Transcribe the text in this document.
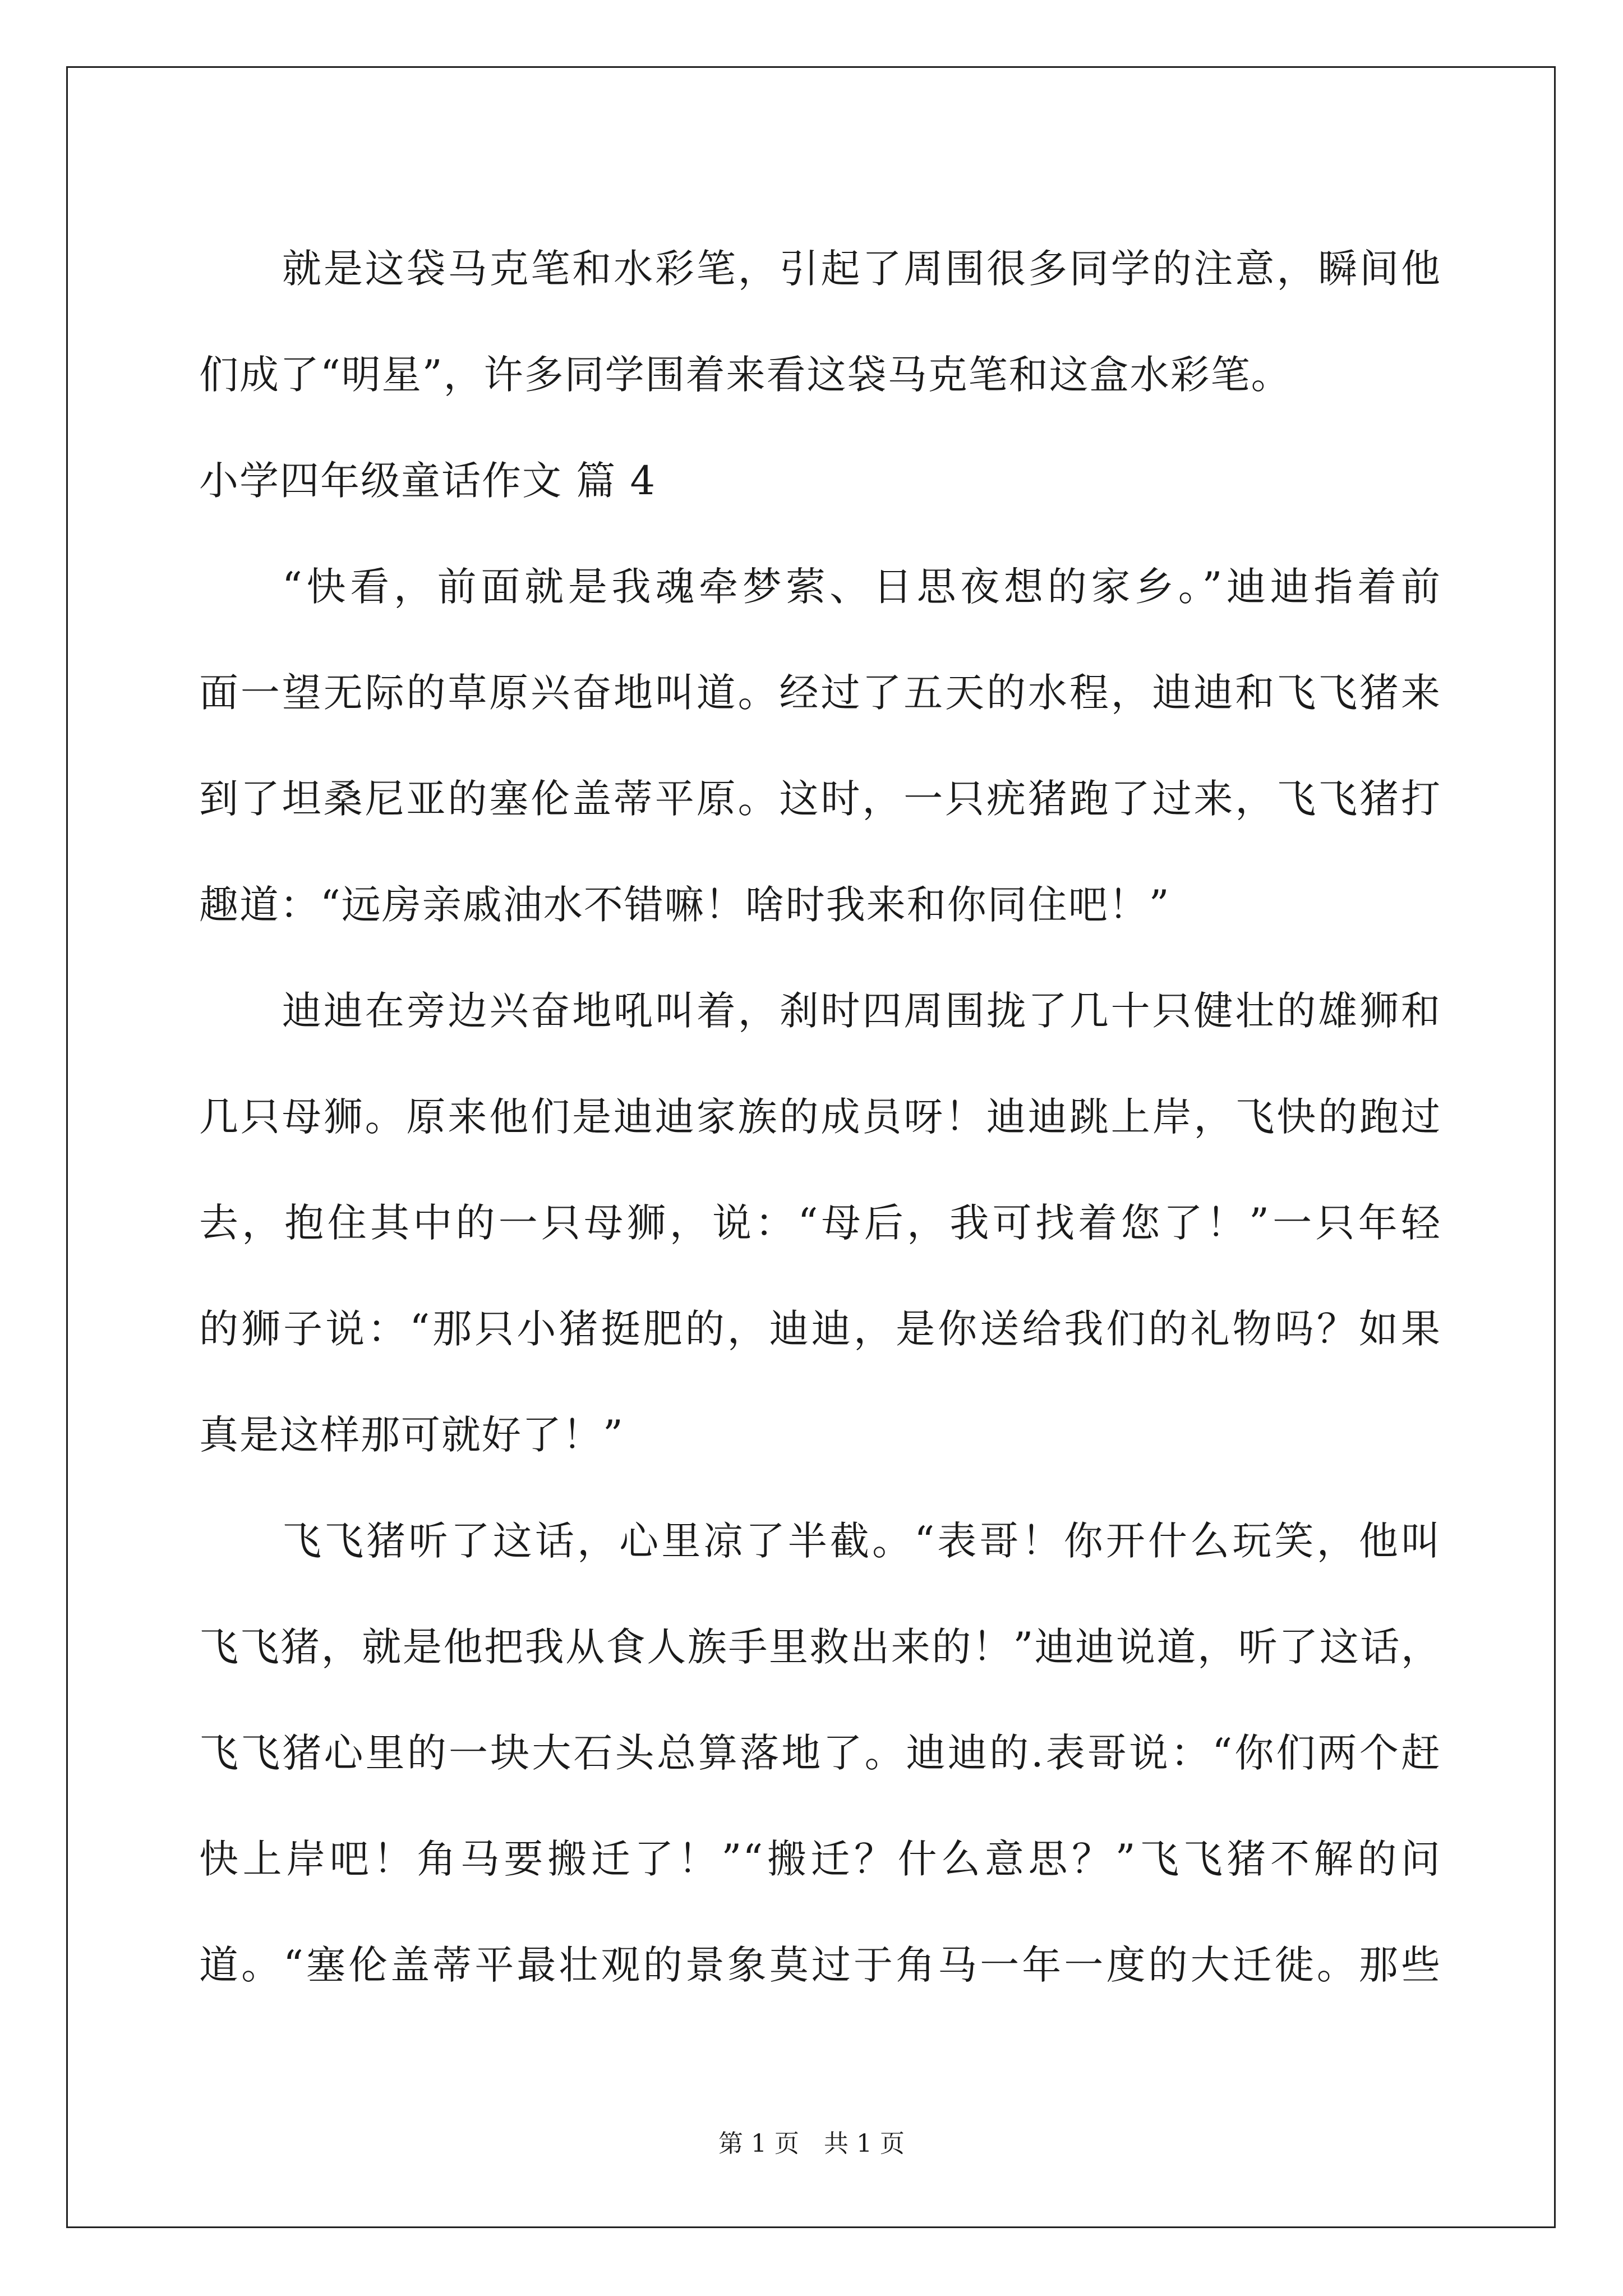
就是这袋马克笔和水彩笔，引起了周围很多同学的注意，瞬间他
们成了“明星”，许多同学围着来看这袋马克笔和这盒水彩笔。
小学四年级童话作文 篇 4
“快看，前面就是我魂牵梦萦、日思夜想的家乡。”迪迪指着前
面一望无际的草原兴奋地叫道。经过了五天的水程，迪迪和飞飞猪来
到了坦桑尼亚的塞伦盖蒂平原。这时，一只疣猪跑了过来，飞飞猪打
趣道：“远房亲戚油水不错嘛！啥时我来和你同住吧！”
迪迪在旁边兴奋地吼叫着，刹时四周围拢了几十只健壮的雄狮和
几只母狮。原来他们是迪迪家族的成员呀！迪迪跳上岸，飞快的跑过
去，抱住其中的一只母狮，说：“母后，我可找着您了！”一只年轻
的狮子说：“那只小猪挺肥的，迪迪，是你送给我们的礼物吗？如果
真是这样那可就好了！”
飞飞猪听了这话，心里凉了半截。“表哥！你开什么玩笑，他叫
飞飞猪，就是他把我从食人族手里救出来的！”迪迪说道，听了这话，
飞飞猪心里的一块大石头总算落地了。迪迪的.表哥说：“你们两个赶
快上岸吧！角马要搬迁了！”“搬迁？什么意思？”飞飞猪不解的问
道。“塞伦盖蒂平最壮观的景象莫过于角马一年一度的大迁徙。那些
第 1 页　共 1 页
